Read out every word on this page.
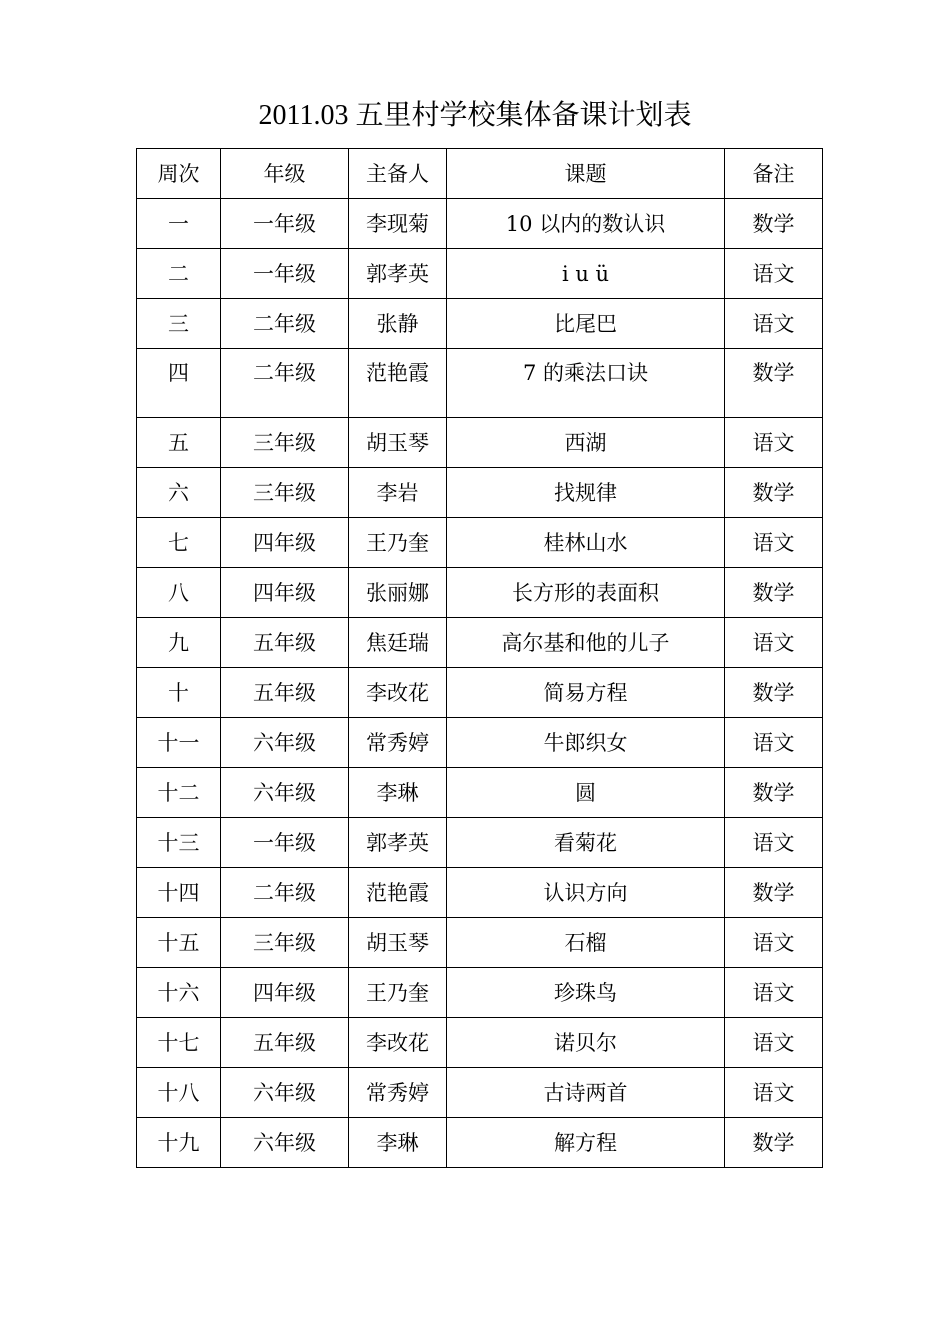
2011.03 五里村学校集体备课计划表
周次	年级	主备人	课题	备注
一	一年级	李现菊	10 以内的数认识	数学
二	一年级	郭孝英	i u ü	语文
三	二年级	张静	比尾巴	语文
四	二年级	范艳霞	7 的乘法口诀	数学
五	三年级	胡玉琴	西湖	语文
六	三年级	李岩	找规律	数学
七	四年级	王乃奎	桂林山水	语文
八	四年级	张丽娜	长方形的表面积	数学
九	五年级	焦廷瑞	高尔基和他的儿子	语文
十	五年级	李改花	简易方程	数学
十一	六年级	常秀婷	牛郎织女	语文
十二	六年级	李琳	圆	数学
十三	一年级	郭孝英	看菊花	语文
十四	二年级	范艳霞	认识方向	数学
十五	三年级	胡玉琴	石榴	语文
十六	四年级	王乃奎	珍珠鸟	语文
十七	五年级	李改花	诺贝尔	语文
十八	六年级	常秀婷	古诗两首	语文
十九	六年级	李琳	解方程	数学
